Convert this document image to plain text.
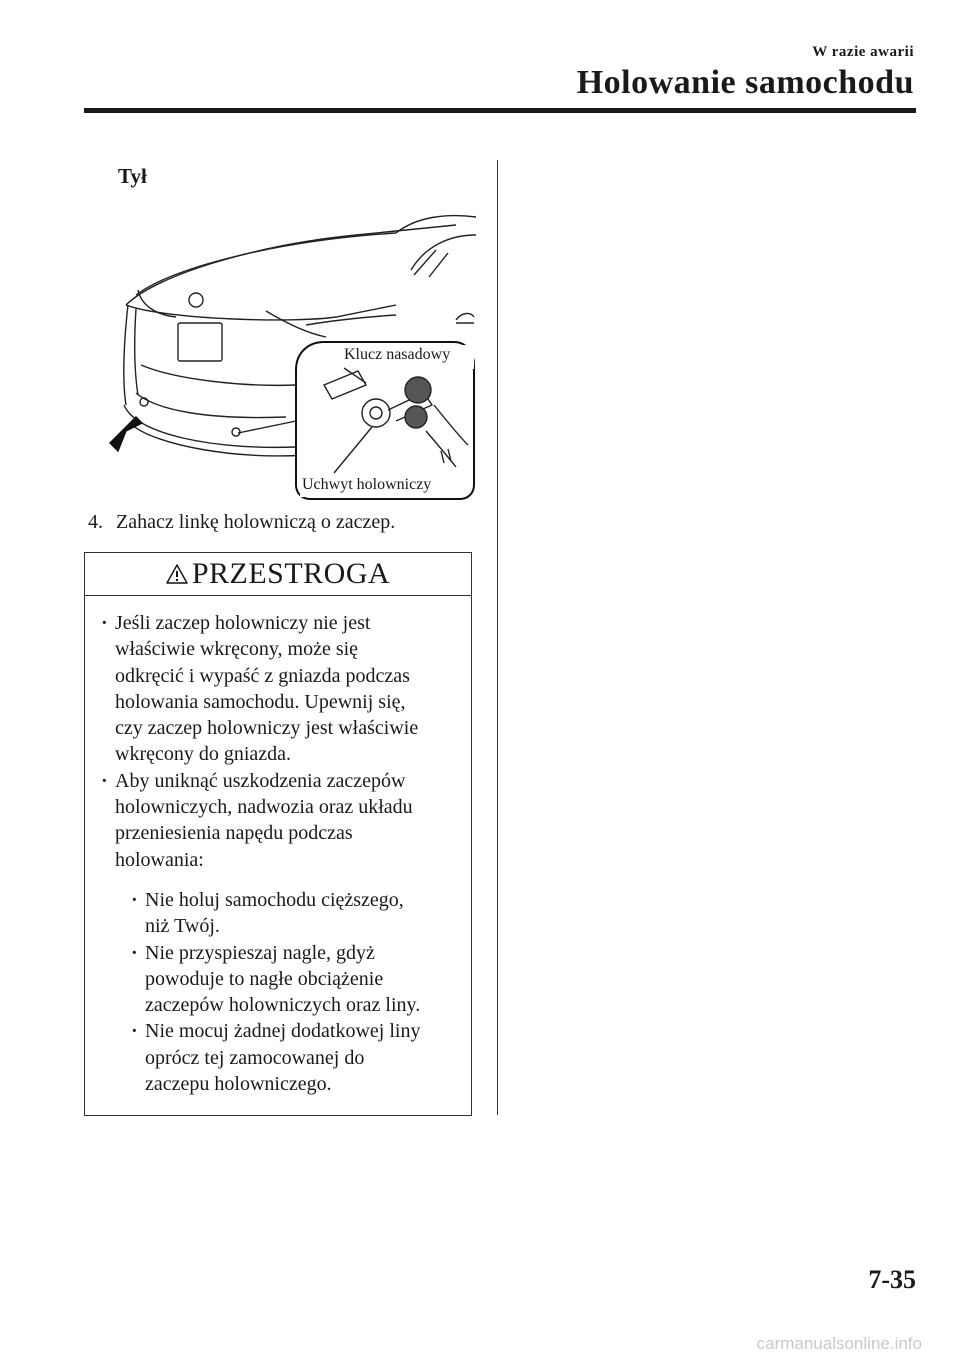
W razie awarii
Holowanie samochodu
Tył
Klucz nasadowy
Uchwyt holowniczy
4. Zahacz linkę holowniczą o zaczep.
PRZESTROGA
· Jeśli zaczep holowniczy nie jest
właściwie wkręcony, może się
odkręcić i wypaść z gniazda podczas
holowania samochodu. Upewnij się,
czy zaczep holowniczy jest właściwie
wkręcony do gniazda.
· Aby uniknąć uszkodzenia zaczepów
holowniczych, nadwozia oraz układu
przeniesienia napędu podczas
holowania:
· Nie holuj samochodu cięższego,
niż Twój.
· Nie przyspieszaj nagle, gdyż
powoduje to nagłe obciążenie
zaczepów holowniczych oraz liny.
· Nie mocuj żadnej dodatkowej liny
oprócz tej zamocowanej do
zaczepu holowniczego.
7-35
carmanualsonline.info
